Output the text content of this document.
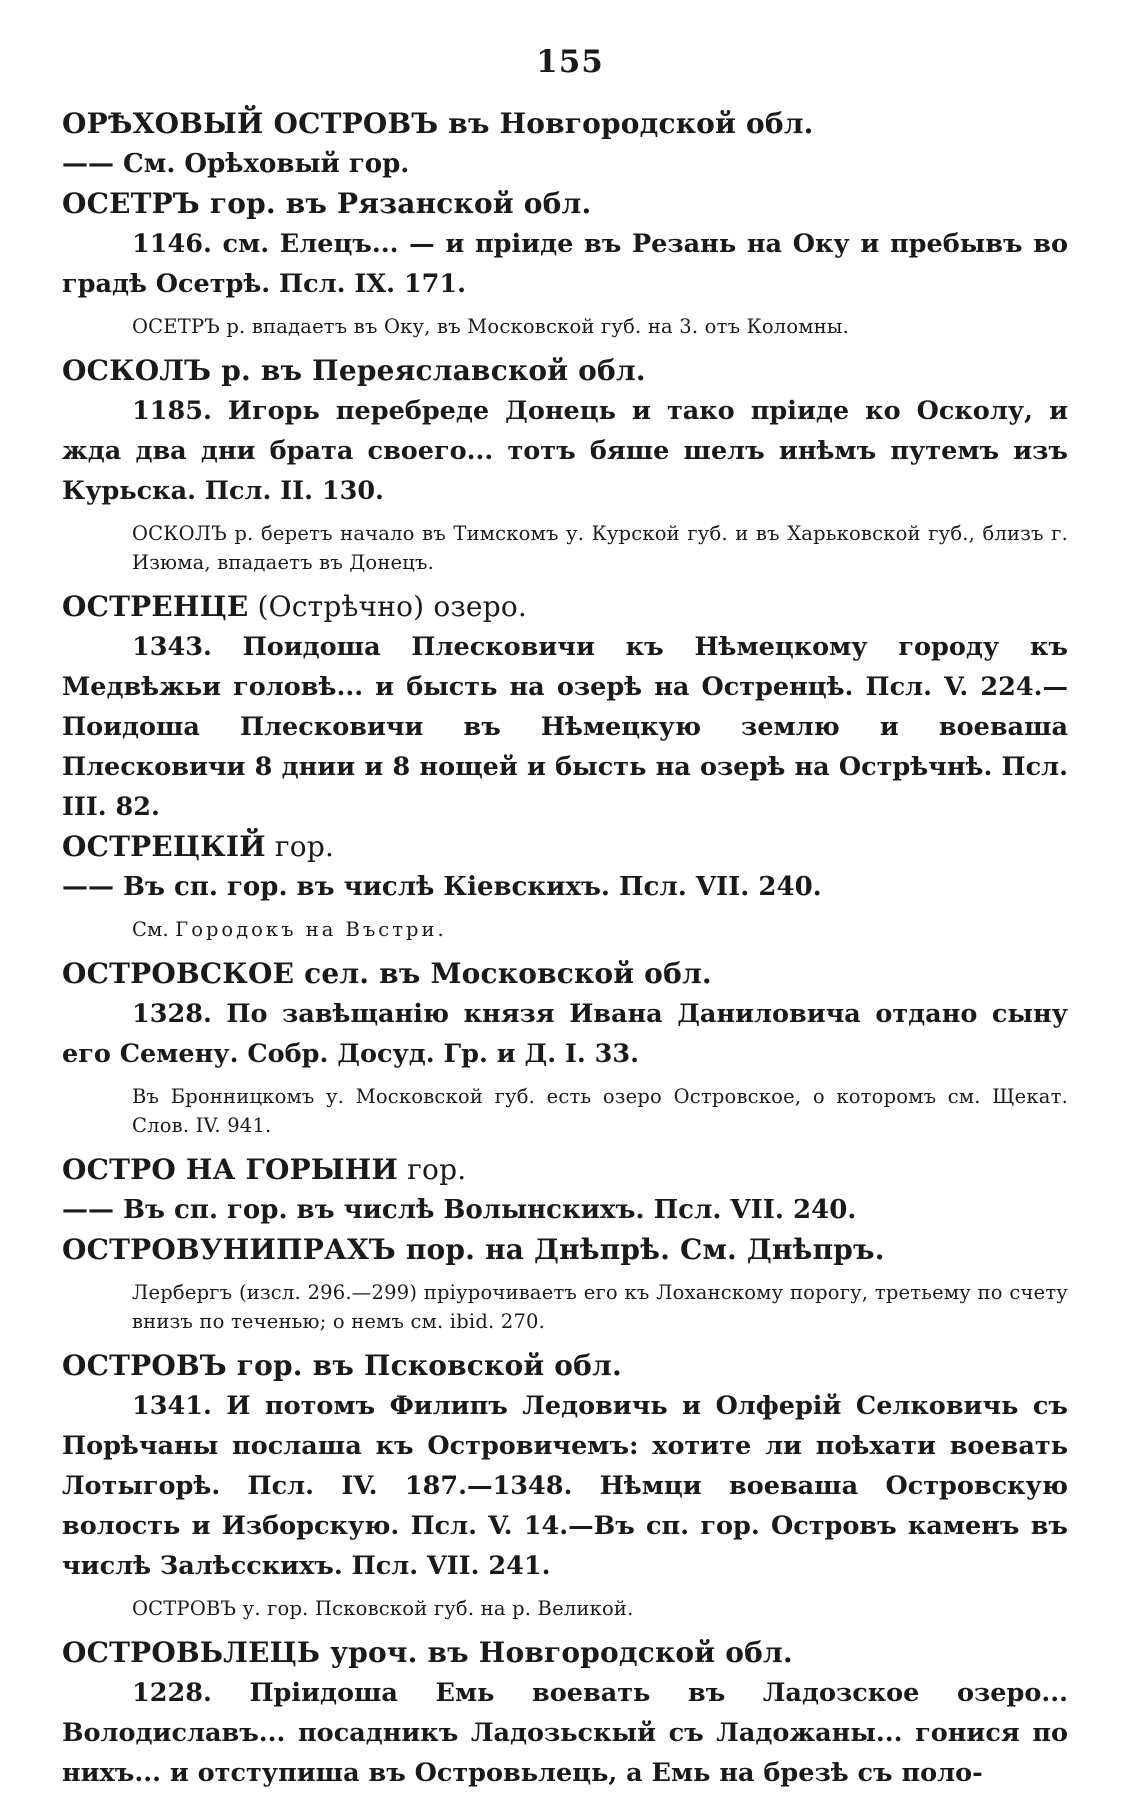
155
ОРѢХОВЫЙ ОСТРОВЪ въ Новгородской обл.
—— См. Орѣховый гор.
ОСЕТРЪ гор. въ Рязанской обл.
1146. см. Елецъ... — и пріиде въ Резань на Оку и пребывъ во градѣ Осетрѣ. Псл. IX. 171.
ОСЕТРЪ р. впадаетъ въ Оку, въ Московской губ. на 3. отъ Коломны.
ОСКОЛЪ р. въ Переяславской обл.
1185. Игорь перебреде Донець и тако пріиде ко Осколу, и жда два дни брата своего... тотъ бяше шелъ инѣмъ путемъ изъ Курьска. Псл. II. 130.
ОСКОЛЪ р. беретъ начало въ Тимскомъ у. Курской губ. и въ Харьковской губ., близъ г. Изюма, впадаетъ въ Донецъ.
ОСТРЕНЦЕ (Острѣчно) озеро.
1343. Поидоша Плесковичи къ Нѣмецкому городу къ Медвѣжьи головѣ... и бысть на озерѣ на Остренцѣ. Псл. V. 224.—Поидоша Плесковичи въ Нѣмецкую землю и воеваша Плесковичи 8 днии и 8 нощей и бысть на озерѣ на Острѣчнѣ. Псл. III. 82.
ОСТРЕЦКІЙ гор.
—— Въ сп. гор. въ числѣ Кіевскихъ. Псл. VII. 240.
См. Городокъ на Въстри.
ОСТРОВСКОЕ сел. въ Московской обл.
1328. По завѣщанію князя Ивана Даниловича отдано сыну его Семену. Собр. Досуд. Гр. и Д. I. 33.
Въ Бронницкомъ у. Московской губ. есть озеро Островское, о которомъ см. Щекат. Слов. IV. 941.
ОСТРО НА ГОРЫНИ гор.
—— Въ сп. гор. въ числѣ Волынскихъ. Псл. VII. 240.
ОСТРОВУНИПРАХЪ пор. на Днѣпрѣ. См. Днѣпръ.
Лербергъ (изсл. 296.—299) пріурочиваетъ его къ Лоханскому порогу, третьему по счету внизъ по теченью; о немъ см. ibid. 270.
ОСТРОВЪ гор. въ Псковской обл.
1341. И потомъ Филипъ Ледовичь и Олферій Селковичь съ Порѣчаны послаша къ Островичемъ: хотите ли поѣхати воевать Лотыгорѣ. Псл. IV. 187.—1348. Нѣмци воеваша Островскую волость и Изборскую. Псл. V. 14.—Въ сп. гор. Островъ каменъ въ числѣ Залѣсскихъ. Псл. VII. 241.
ОСТРОВЪ у. гор. Псковской губ. на р. Великой.
ОСТРОВЬЛЕЦЬ уроч. въ Новгородской обл.
1228. Пріидоша Емь воевать въ Ладозское озеро... Володиславъ... посадникъ Ладозьскый съ Ладожаны... гонися по нихъ... и отступиша въ Островьлець, а Емь на брезѣ съ поло-
